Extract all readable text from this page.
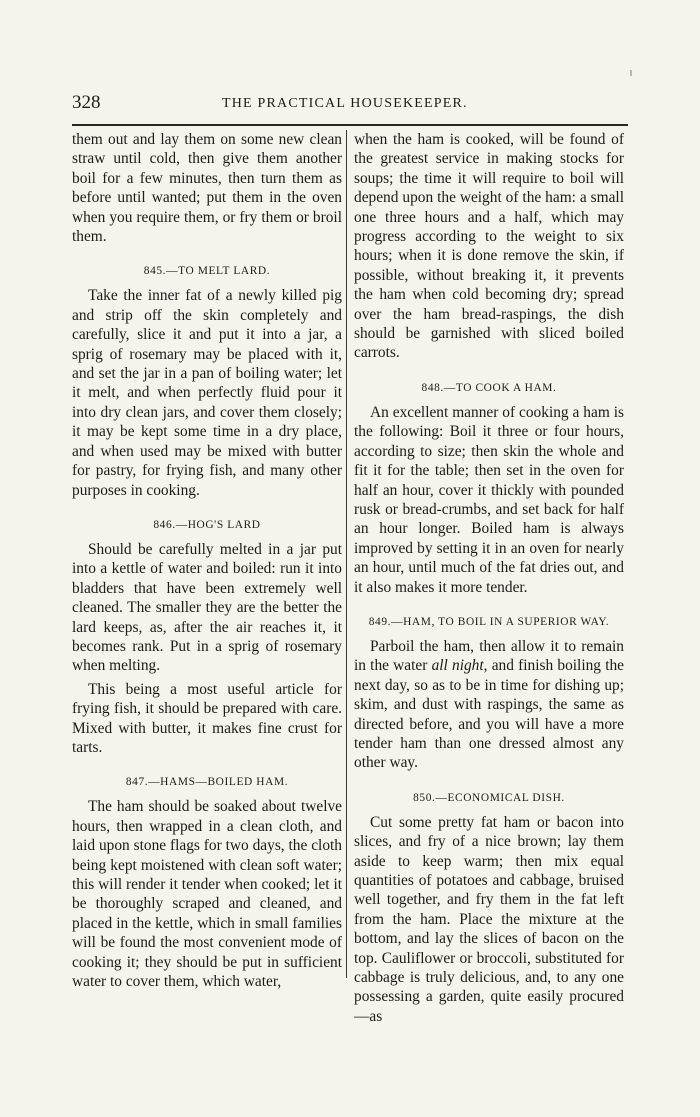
328	THE PRACTICAL HOUSEKEEPER.

them out and lay them on some new clean straw until cold, then give them another boil for a few minutes, then turn them as before until wanted; put them in the oven when you require them, or fry them or broil them.

845.—TO MELT LARD.

Take the inner fat of a newly killed pig and strip off the skin completely and carefully, slice it and put it into a jar, a sprig of rosemary may be placed with it, and set the jar in a pan of boiling water; let it melt, and when perfectly fluid pour it into dry clean jars, and cover them closely; it may be kept some time in a dry place, and when used may be mixed with butter for pastry, for frying fish, and many other purposes in cooking.

846.—HOG'S LARD

Should be carefully melted in a jar put into a kettle of water and boiled: run it into bladders that have been extremely well cleaned. The smaller they are the better the lard keeps, as, after the air reaches it, it becomes rank. Put in a sprig of rosemary when melting.

This being a most useful article for frying fish, it should be prepared with care. Mixed with butter, it makes fine crust for tarts.

847.—HAMS—BOILED HAM.

The ham should be soaked about twelve hours, then wrapped in a clean cloth, and laid upon stone flags for two days, the cloth being kept moistened with clean soft water; this will render it tender when cooked; let it be thoroughly scraped and cleaned, and placed in the kettle, which in small families will be found the most convenient mode of cooking it; they should be put in sufficient water to cover them, which water,

when the ham is cooked, will be found of the greatest service in making stocks for soups; the time it will require to boil will depend upon the weight of the ham: a small one three hours and a half, which may progress according to the weight to six hours; when it is done remove the skin, if possible, without breaking it, it prevents the ham when cold becoming dry; spread over the ham bread-raspings, the dish should be garnished with sliced boiled carrots.

848.—TO COOK A HAM.

An excellent manner of cooking a ham is the following: Boil it three or four hours, according to size; then skin the whole and fit it for the table; then set in the oven for half an hour, cover it thickly with pounded rusk or bread-crumbs, and set back for half an hour longer. Boiled ham is always improved by setting it in an oven for nearly an hour, until much of the fat dries out, and it also makes it more tender.

849.—HAM, TO BOIL IN A SUPERIOR WAY.

Parboil the ham, then allow it to remain in the water all night, and finish boiling the next day, so as to be in time for dishing up; skim, and dust with raspings, the same as directed before, and you will have a more tender ham than one dressed almost any other way.

850.—ECONOMICAL DISH.

Cut some pretty fat ham or bacon into slices, and fry of a nice brown; lay them aside to keep warm; then mix equal quantities of potatoes and cabbage, bruised well together, and fry them in the fat left from the ham. Place the mixture at the bottom, and lay the slices of bacon on the top. Cauliflower or broccoli, substituted for cabbage is truly delicious, and, to any one possessing a garden, quite easily procured—as
